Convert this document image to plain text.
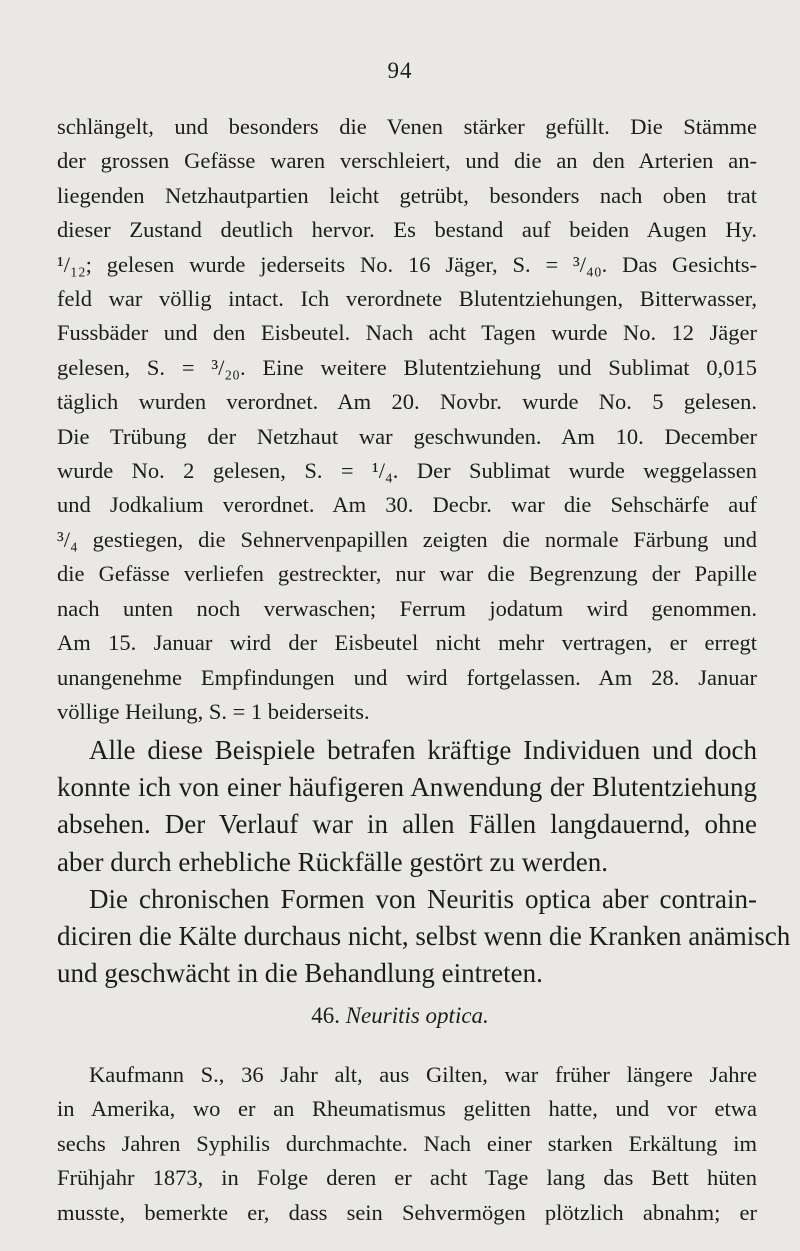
94
schlängelt, und besonders die Venen stärker gefüllt. Die Stämme
der grossen Gefässe waren verschleiert, und die an den Arterien an-
liegenden Netzhautpartien leicht getrübt, besonders nach oben trat
dieser Zustand deutlich hervor. Es bestand auf beiden Augen Hy.
¹/₁₂; gelesen wurde jederseits No. 16 Jäger, S. = ³/₄₀. Das Gesichts-
feld war völlig intact. Ich verordnete Blutentziehungen, Bitterwasser,
Fussbäder und den Eisbeutel. Nach acht Tagen wurde No. 12 Jäger
gelesen, S. = ³/₂₀. Eine weitere Blutentziehung und Sublimat 0,015
täglich wurden verordnet. Am 20. Novbr. wurde No. 5 gelesen.
Die Trübung der Netzhaut war geschwunden. Am 10. December
wurde No. 2 gelesen, S. = ¹/₄. Der Sublimat wurde weggelassen
und Jodkalium verordnet. Am 30. Decbr. war die Sehschärfe auf
³/₄ gestiegen, die Sehnervenpapillen zeigten die normale Färbung und
die Gefässe verliefen gestreckter, nur war die Begrenzung der Papille
nach unten noch verwaschen; Ferrum jodatum wird genommen.
Am 15. Januar wird der Eisbeutel nicht mehr vertragen, er erregt
unangenehme Empfindungen und wird fortgelassen. Am 28. Januar
völlige Heilung, S. = 1 beiderseits.
Alle diese Beispiele betrafen kräftige Individuen und doch
konnte ich von einer häufigeren Anwendung der Blutentziehung
absehen. Der Verlauf war in allen Fällen langdauernd, ohne
aber durch erhebliche Rückfälle gestört zu werden.
Die chronischen Formen von Neuritis optica aber contrain-
diciren die Kälte durchaus nicht, selbst wenn die Kranken anämisch
und geschwächt in die Behandlung eintreten.
46. Neuritis optica.
Kaufmann S., 36 Jahr alt, aus Gilten, war früher längere Jahre
in Amerika, wo er an Rheumatismus gelitten hatte, und vor etwa
sechs Jahren Syphilis durchmachte. Nach einer starken Erkältung im
Frühjahr 1873, in Folge deren er acht Tage lang das Bett hüten
musste, bemerkte er, dass sein Sehvermögen plötzlich abnahm; er
